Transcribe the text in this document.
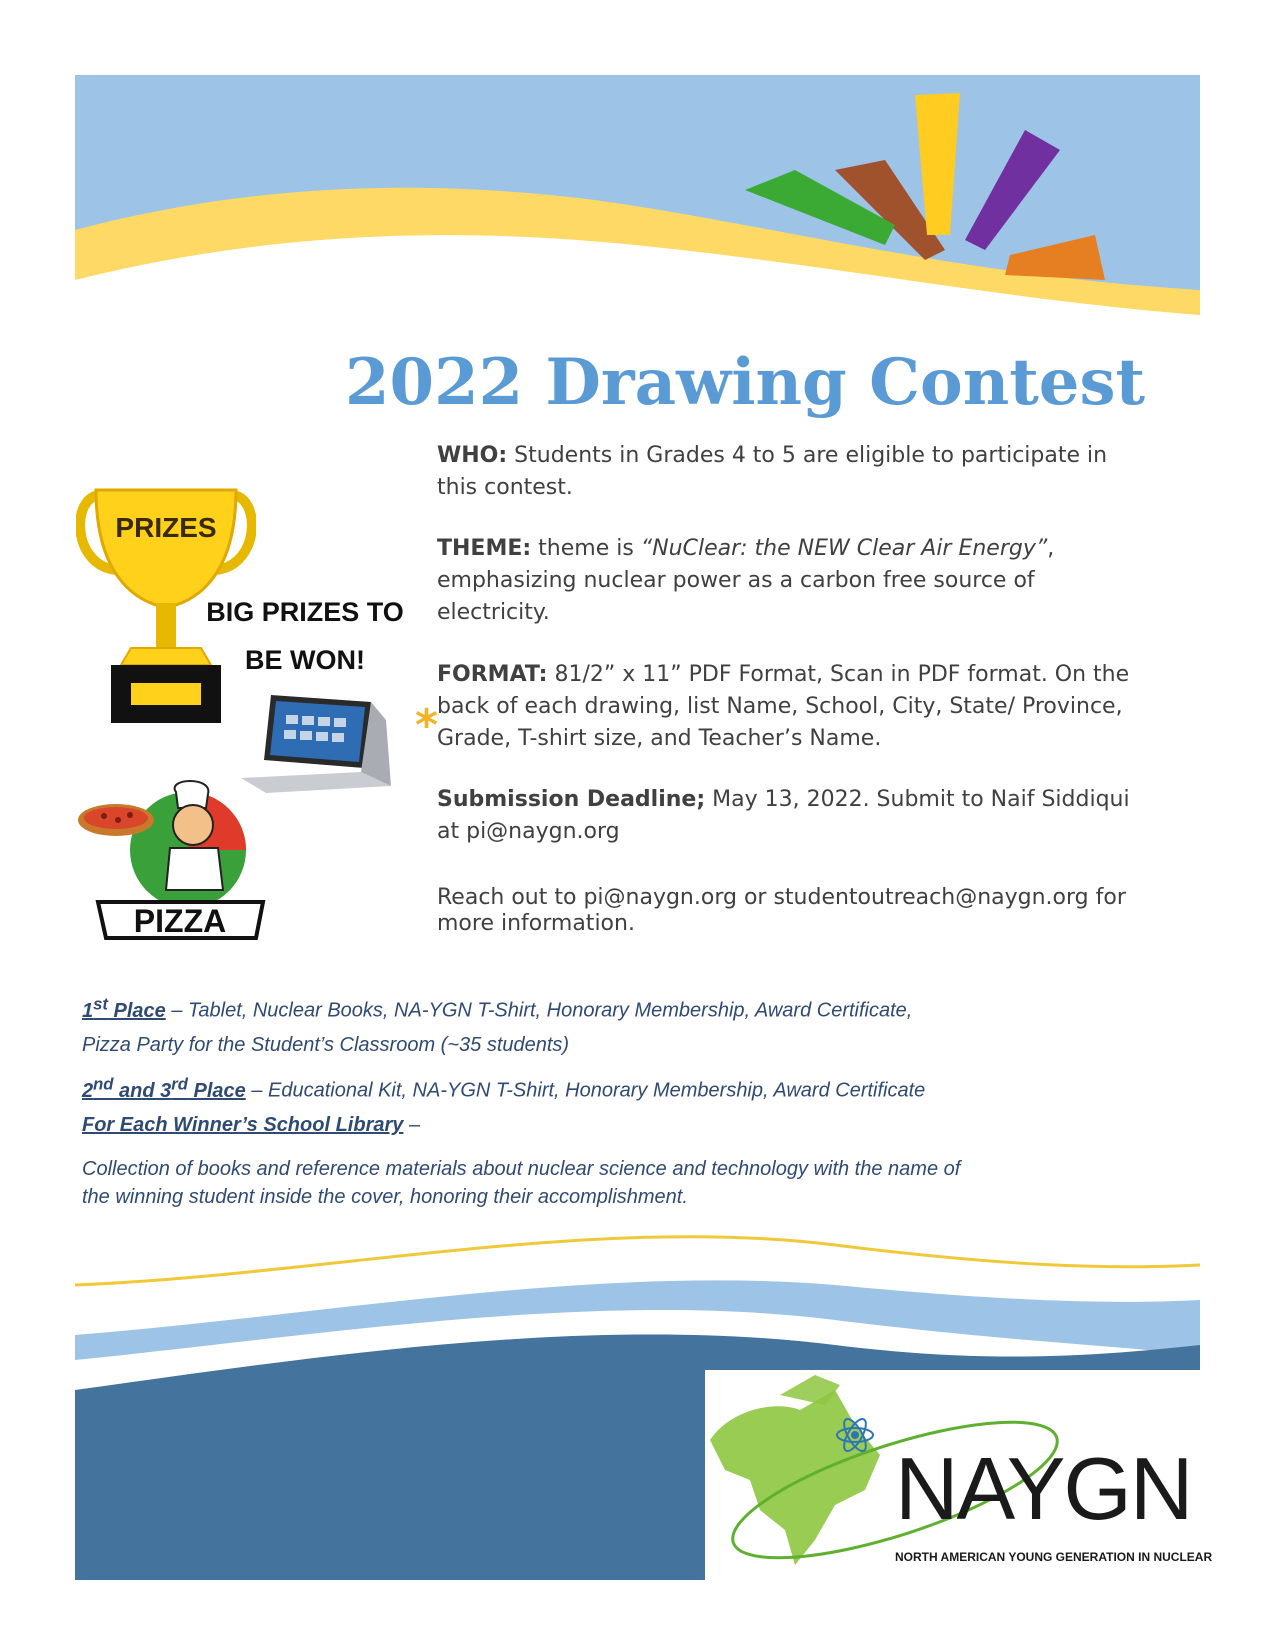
2022 Drawing Contest
WHO: Students in Grades 4 to 5 are eligible to participate in this contest.
THEME: theme is “NuClear: the NEW Clear Air Energy”, emphasizing nuclear power as a carbon free source of electricity.
FORMAT: 81/2” x 11” PDF Format, Scan in PDF format. On the back of each drawing, list Name, School, City, State/ Province, Grade, T-shirt size, and Teacher’s Name.
Submission Deadline; May 13, 2022. Submit to Naif Siddiqui at pi@naygn.org
Reach out to pi@naygn.org or studentoutreach@naygn.org for more information.
*
1st Place – Tablet, Nuclear Books, NA-YGN T-Shirt, Honorary Membership, Award Certificate,
Pizza Party for the Student’s Classroom (~35 students)
2nd and 3rd Place – Educational Kit, NA-YGN T-Shirt, Honorary Membership, Award Certificate
For Each Winner’s School Library –
Collection of books and reference materials about nuclear science and technology with the name of the winning student inside the cover, honoring their accomplishment.
PRIZES
BIG PRIZES TO
BE WON!
PIZZA
NAYGN
NORTH AMERICAN YOUNG GENERATION IN NUCLEAR
